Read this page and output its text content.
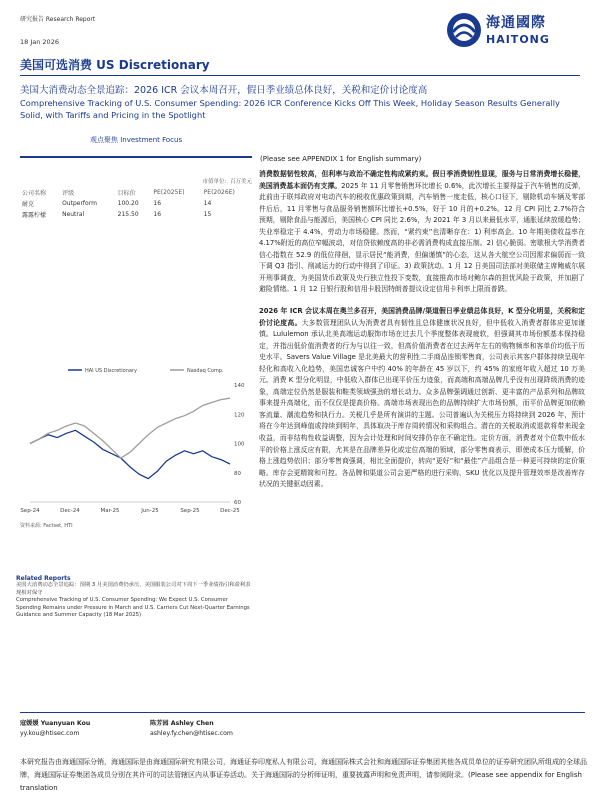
研究报告 Research Report
18 Jan 2026
美国可选消费 US Discretionary
海通國際
HAITONG
美国大消费动态全景追踪：2026 ICR 会议本周召开，假日季业绩总体良好，关税和定价讨论度高
Comprehensive Tracking of U.S. Consumer Spending: 2026 ICR Conference Kicks Off This Week, Holiday Season Results Generally Solid, with Tariffs and Pricing in the Spotlight
观点聚焦 Investment Focus
市值单位：百万美元
公司名称	评级	目标价	PE(2025E)	PE(2026E)
耐克	Outperform	100.20	16	14
露露柠檬	Neutral	215.50	16	15
HAI US Discretionary	Nasdaq Comp.
140
120
100
80
60
Sep-24	Dec-24	Mar-25	Jun-25	Sep-25	Dec-25
资料来源: Factset, HTI
Related Reports
美国大消费动态全景追踪：预期 3 月美国消费仍承压，美国服装公司对下周下一季业绩指引和盈利表现相对保守
Comprehensive Tracking of U.S. Consumer Spending: We Expect U.S. Consumer Spending Remains under Pressure in March and U.S. Carriers Cut Next-Quarter Earnings Guidance and Summer Capacity (18 Mar 2025)
(Please see APPENDIX 1 for English summary)

消费数据韧性较高，但利率与政治不确定性构成紧约束。假日季消费韧性显现，服务与日常消费增长稳健，美国消费基本面仍有支撑。2025 年 11 月零售销售环比增长 0.6%，此次增长主要得益于汽车销售的反弹，此前由于联邦政府对电动汽车的税收优惠政策到期，汽车销售一度走低，核心口径下，剔除机动车辆及零部件后后，11 月零售与食品服务销售额环比增长+0.5%，好于 10 月的+0.2%。12 月 CPI 同比 2.7%符合预期，剔除食品与能源后，美国核心 CPI 同比 2.6%，为 2021 年 3 月以来最低水平，通胀延续放缓趋势；失业率稳定于 4.4%，劳动力市场稳健。然而，“紧约束”也清晰存在：1) 利率高企。10 年期美债收益率在 4.17%附近的高位窄幅波动，对信贷依赖度高的非必需消费构成直接压制。2) 信心脆弱。密歇根大学消费者信心指数在 52.9 的低位徘徊，显示居民“能消费，但偏谨慎”的心态，这从各大航空公司因需求偏弱而一致下调 Q3 指引、削减运力的行动中得到了印证。3) 政策扰动。1 月 12 日美国司法部对美联储主席鲍威尔展开刑事调查，为美国货币政策及央行独立性投下变数，直接推高市场对鲍尔森的担忧风险于政策，并加剧了避险情绪。1 月 12 日银行股和信用卡股因特朗普提议设定信用卡利率上限而普跌。

2026 年 ICR 会议本周在奥兰多召开，美国消费品牌/渠道假日季业绩总体良好，K 型分化明显，关税和定价讨论度高。大多数管理团队认为消费者具有韧性且总体健康状况良好，但中低收入消费者群体应更加谨慎。Lululemon 承认北美高端运动服饰市场在过去几个季度整体表现疲软，但强调其市场份额基本保持稳定，并指出低价值消费者的行为与以往一致，但高价值消费者在过去两年左右的购物频率和客单价均低于历史水平。Savers Value Village 是北美最大的营利性二手商品连锁零售商，公司表示其客户群体持续呈现年轻化和高收入化趋势，美国忠诚客户中约 40% 的年龄在 45 岁以下，约 45% 的家庭年收入超过 10 万美元。消费 K 型分化明显，中低收入群体已出现平价压力迹象，而高端和高端品牌几乎没有出现降级消费的迹象，高端定位仍然是服装和鞋类领域强劲的增长动力。众多品牌强调通过创新、更丰富的产品系列和品牌故事来提升高端化，而不仅仅是提高价格。高端市场表现出色的品牌持续扩大市场份额，而平价品牌更加依赖客流量、潮流趋势和执行力。关税几乎是所有演讲的主题。公司普遍认为关税压力将持续到 2026 年，预计将在今年达到峰值或持续到明年，具体取决于库存周转情况和采购组合。潜在的关税取消或退款将带来现金收益，而非结构性收益调整，因为会计处理和时间安排仍存在不确定性。定价方面，消费者对个位数中低水平的价格上涨反应有限，尤其是在品牌差异化或定位高端的领域，部分零售商表示，即使成本压力缓解，价格上涨趋势依旧；部分零售商强调，相比全面提价，转向“更好”和“最佳”产品组合是一种更可持续的定价策略。库存会更精简和可控。各品牌和渠道公司会更严格的进行采购、SKU 优化以及提升管理效率是改善库存状况的关键驱动因素。

寇媛媛 Yuanyuan Kou
yy.kou@htisec.com
陈芳园 Ashley Chen
ashley.fy.chen@htisec.com
本研究报告由海通国际分销，海通国际是由海通国际研究有限公司，海通证券印度私人有限公司，海通国际株式会社和海通国际证券集团其他各成员单位的证券研究团队所组成的全球品牌，海通国际证券集团各成员分别在其许可的司法管辖区内从事证券活动。关于海通国际的分析师证明，重要披露声明和免责声明，请参阅附录。(Please see appendix for English translation
